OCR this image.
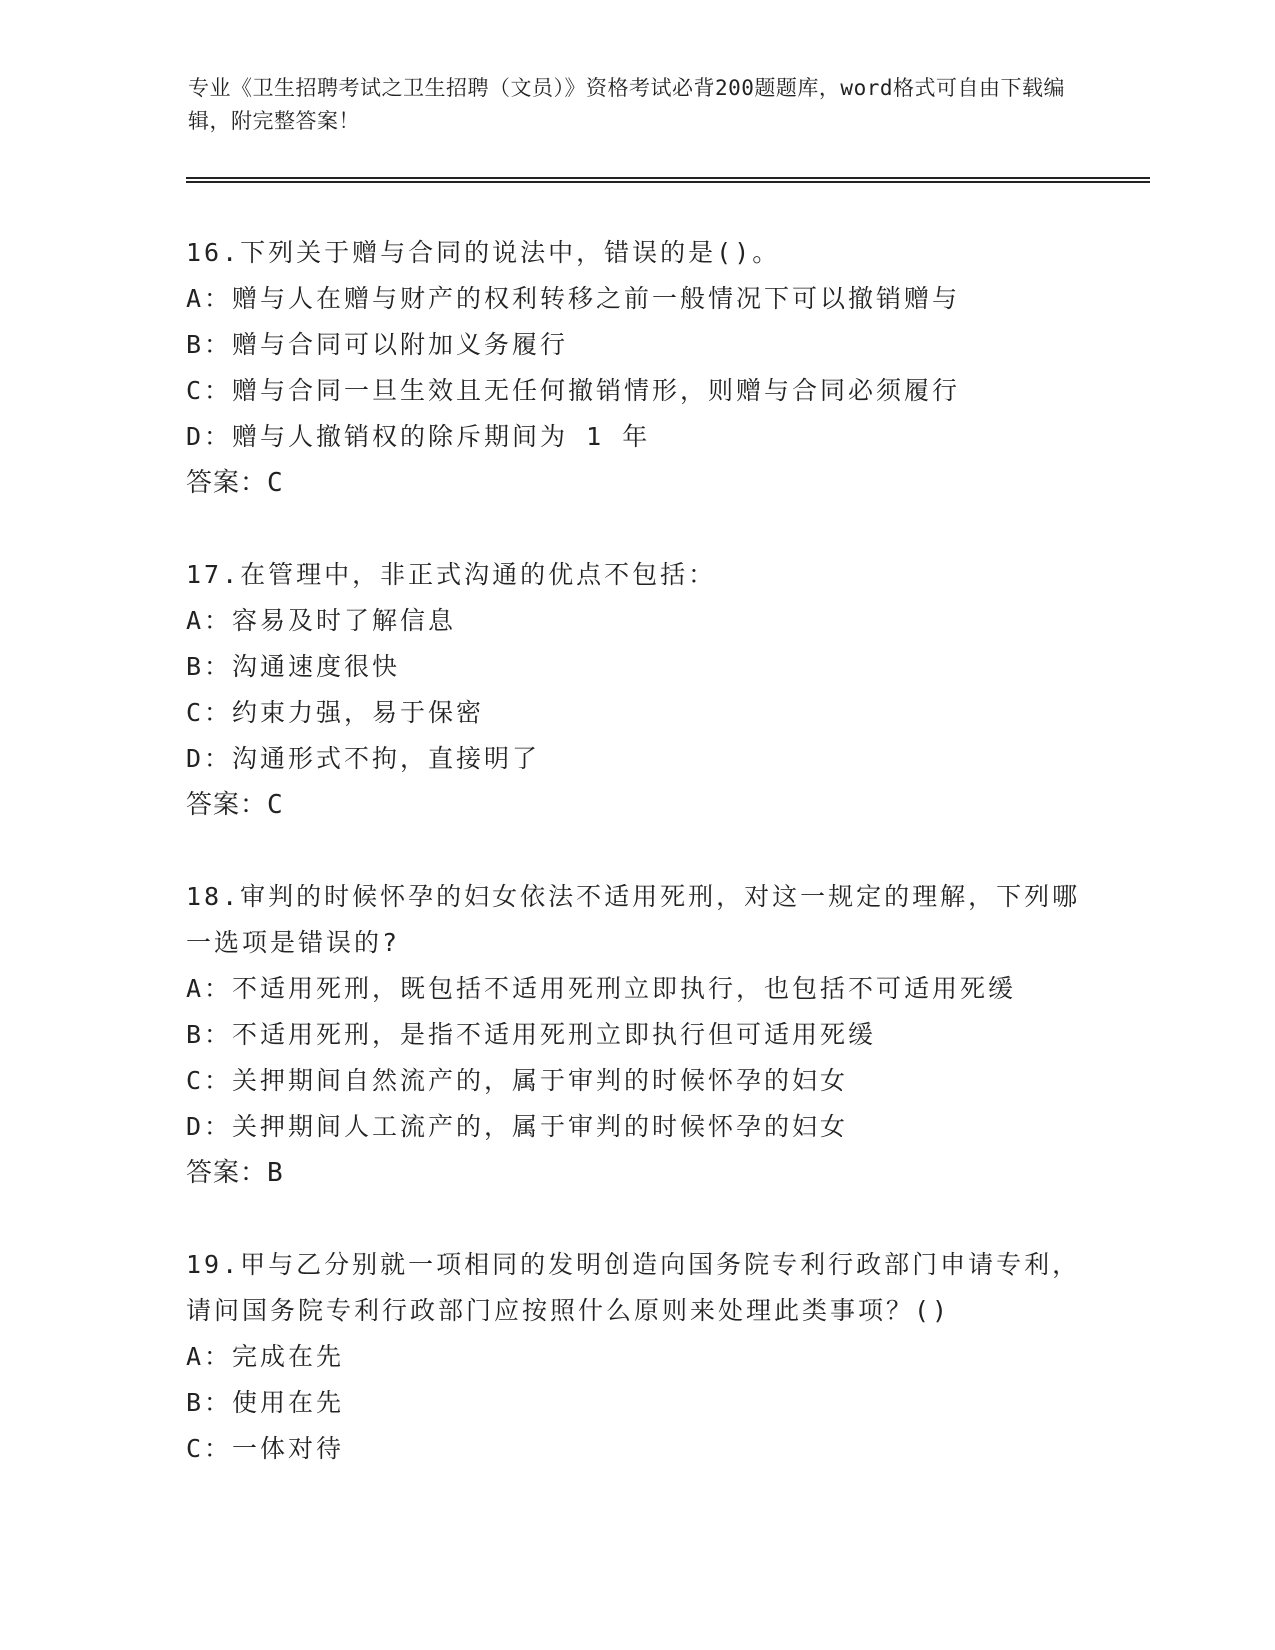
专业《卫生招聘考试之卫生招聘（文员）》资格考试必背200题题库，word格式可自由下载编辑，附完整答案！
16.下列关于赠与合同的说法中，错误的是()。
A：赠与人在赠与财产的权利转移之前一般情况下可以撤销赠与
B：赠与合同可以附加义务履行
C：赠与合同一旦生效且无任何撤销情形，则赠与合同必须履行
D：赠与人撤销权的除斥期间为 1 年
答案：C
17.在管理中，非正式沟通的优点不包括：
A：容易及时了解信息
B：沟通速度很快
C：约束力强，易于保密
D：沟通形式不拘，直接明了
答案：C
18.审判的时候怀孕的妇女依法不适用死刑，对这一规定的理解，下列哪一选项是错误的?
A：不适用死刑，既包括不适用死刑立即执行，也包括不可适用死缓
B：不适用死刑，是指不适用死刑立即执行但可适用死缓
C：关押期间自然流产的，属于审判的时候怀孕的妇女
D：关押期间人工流产的，属于审判的时候怀孕的妇女
答案：B
19.甲与乙分别就一项相同的发明创造向国务院专利行政部门申请专利，请问国务院专利行政部门应按照什么原则来处理此类事项？()
A：完成在先
B：使用在先
C：一体对待
